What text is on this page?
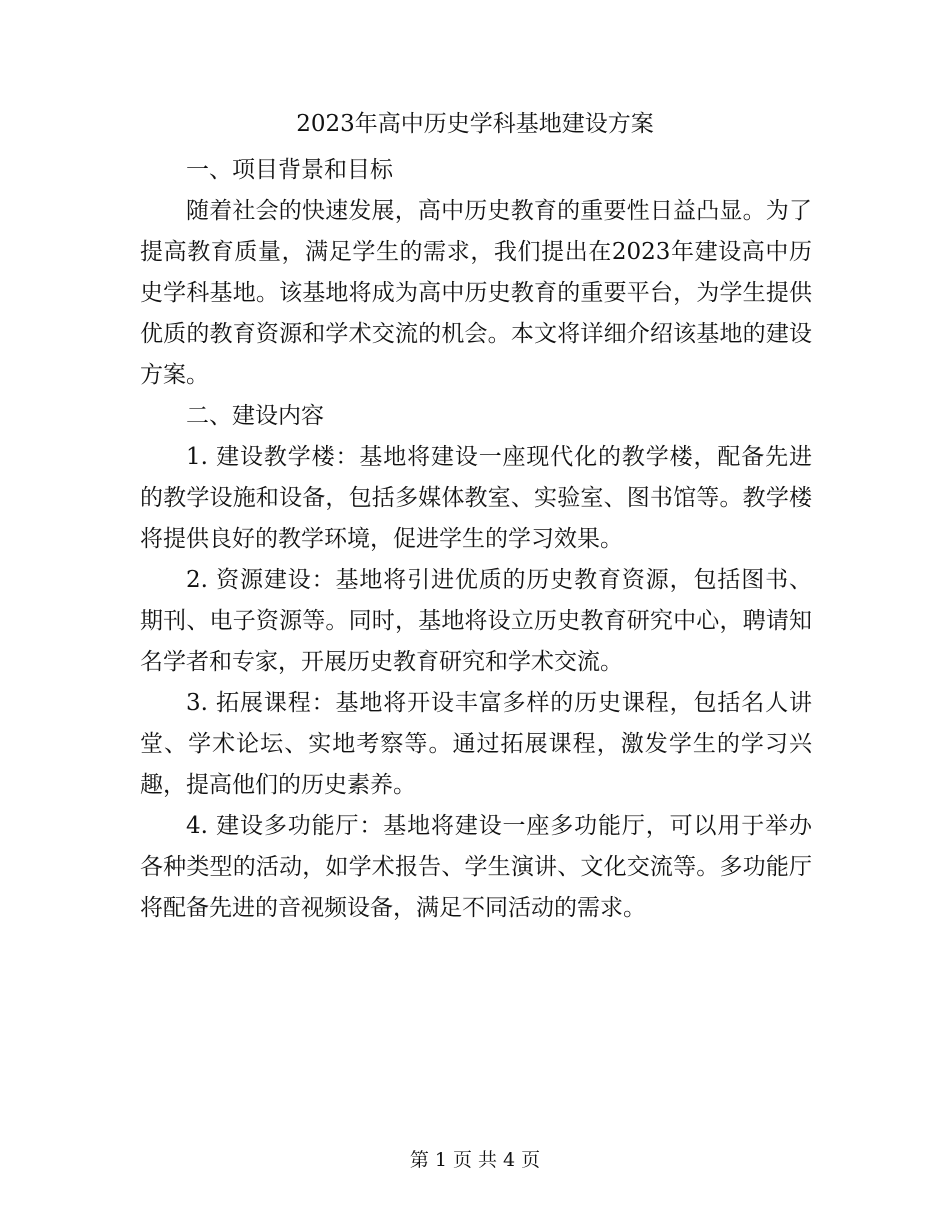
2023年高中历史学科基地建设方案

一、项目背景和目标

随着社会的快速发展，高中历史教育的重要性日益凸显。为了提高教育质量，满足学生的需求，我们提出在2023年建设高中历史学科基地。该基地将成为高中历史教育的重要平台，为学生提供优质的教育资源和学术交流的机会。本文将详细介绍该基地的建设方案。

二、建设内容

1. 建设教学楼：基地将建设一座现代化的教学楼，配备先进的教学设施和设备，包括多媒体教室、实验室、图书馆等。教学楼将提供良好的教学环境，促进学生的学习效果。

2. 资源建设：基地将引进优质的历史教育资源，包括图书、期刊、电子资源等。同时，基地将设立历史教育研究中心，聘请知名学者和专家，开展历史教育研究和学术交流。

3. 拓展课程：基地将开设丰富多样的历史课程，包括名人讲堂、学术论坛、实地考察等。通过拓展课程，激发学生的学习兴趣，提高他们的历史素养。

4. 建设多功能厅：基地将建设一座多功能厅，可以用于举办各种类型的活动，如学术报告、学生演讲、文化交流等。多功能厅将配备先进的音视频设备，满足不同活动的需求。

第 1 页 共 4 页
